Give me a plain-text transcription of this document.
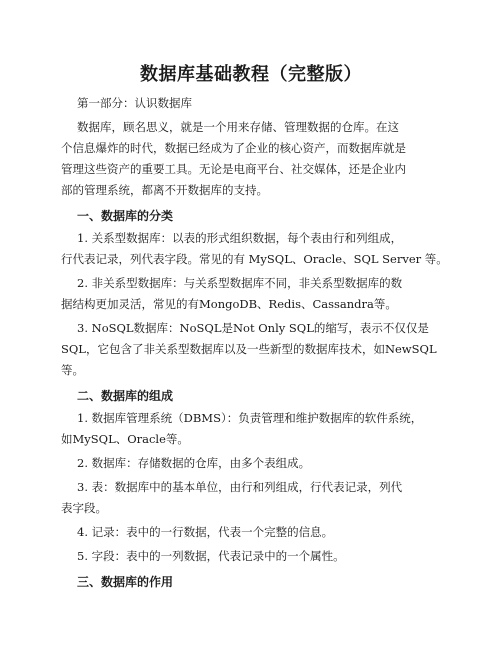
数据库基础教程（完整版）
第一部分：认识数据库
数据库，顾名思义，就是一个用来存储、管理数据的仓库。在这
个信息爆炸的时代，数据已经成为了企业的核心资产，而数据库就是
管理这些资产的重要工具。无论是电商平台、社交媒体，还是企业内
部的管理系统，都离不开数据库的支持。
一、数据库的分类
1. 关系型数据库：以表的形式组织数据，每个表由行和列组成，
行代表记录，列代表字段。常见的有 MySQL、Oracle、SQL Server 等。
2. 非关系型数据库：与关系型数据库不同，非关系型数据库的数
据结构更加灵活，常见的有MongoDB、Redis、Cassandra等。
3. NoSQL数据库：NoSQL是Not Only SQL的缩写，表示不仅仅是
SQL，它包含了非关系型数据库以及一些新型的数据库技术，如NewSQL
等。
二、数据库的组成
1. 数据库管理系统（DBMS）：负责管理和维护数据库的软件系统，
如MySQL、Oracle等。
2. 数据库：存储数据的仓库，由多个表组成。
3. 表：数据库中的基本单位，由行和列组成，行代表记录，列代
表字段。
4. 记录：表中的一行数据，代表一个完整的信息。
5. 字段：表中的一列数据，代表记录中的一个属性。
三、数据库的作用
